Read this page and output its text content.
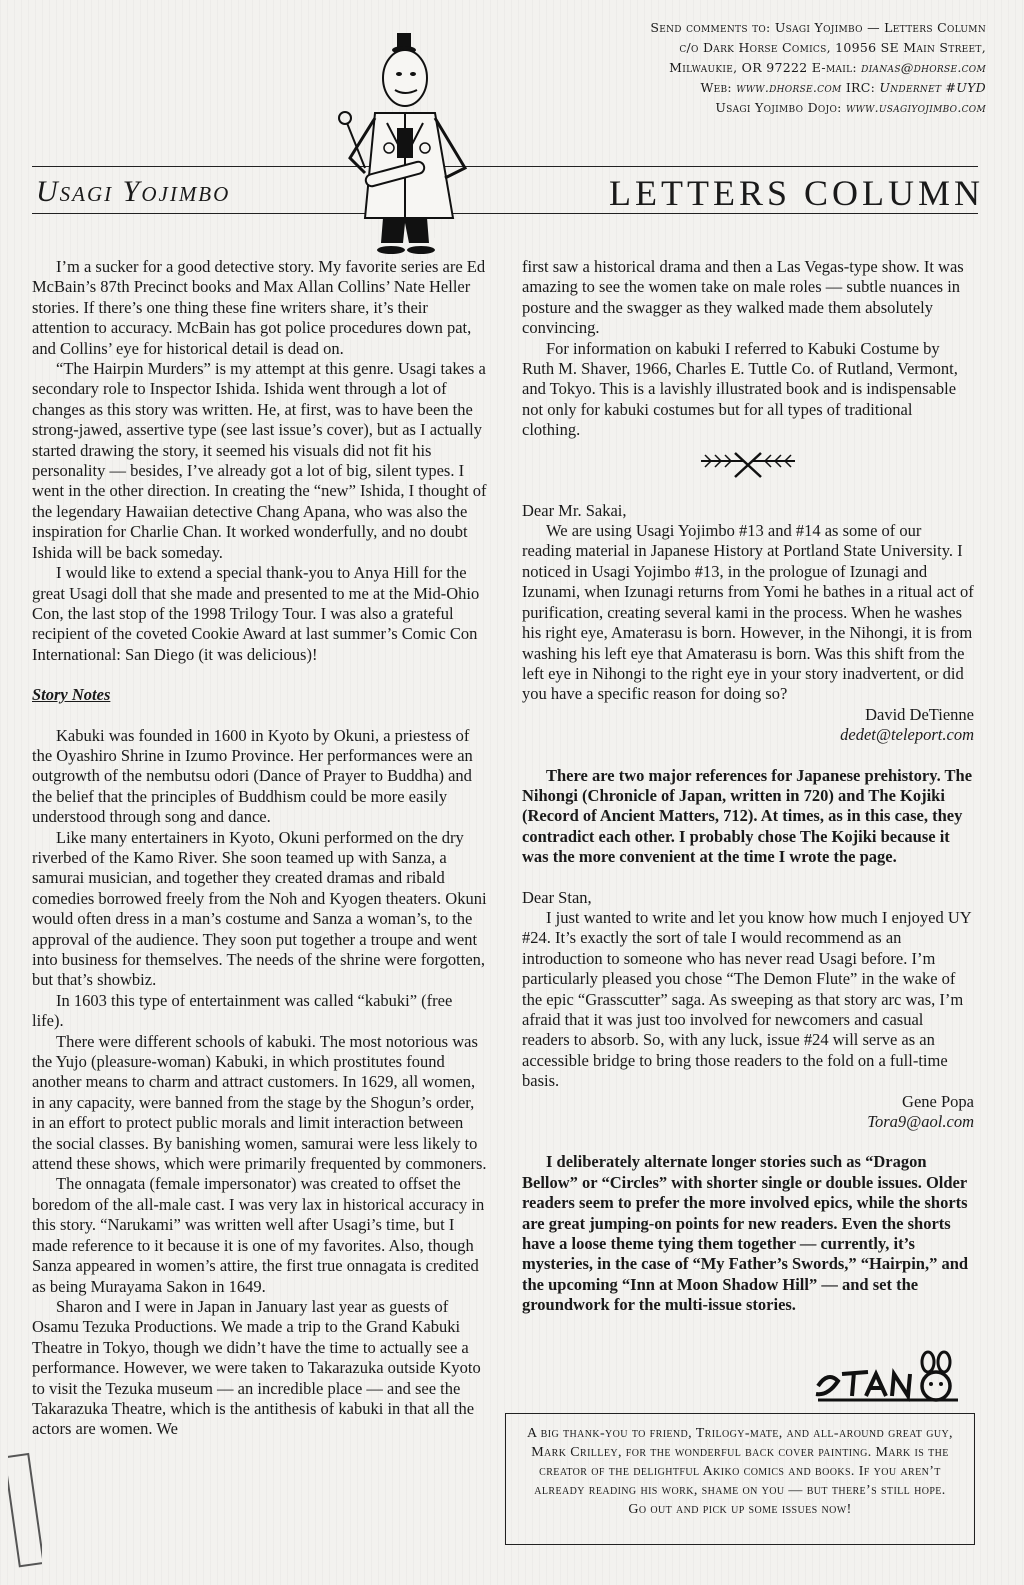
Send comments to: Usagi Yojimbo — Letters Column
c/o Dark Horse Comics, 10956 SE Main Street,
Milwaukie, OR 97222 E-mail: dianas@dhorse.com
Web: www.dhorse.com IRC: Undernet #UYD
Usagi Yojimbo Dojo: www.usagiyojimbo.com
Usagi Yojimbo	LETTERS COLUMN

I’m a sucker for a good detective story. My favorite series are Ed McBain’s 87th Precinct books and Max Allan Collins’ Nate Heller stories. If there’s one thing these fine writers share, it’s their attention to accuracy. McBain has got police procedures down pat, and Collins’ eye for historical detail is dead on.

“The Hairpin Murders” is my attempt at this genre. Usagi takes a secondary role to Inspector Ishida. Ishida went through a lot of changes as this story was written. He, at first, was to have been the strong-jawed, assertive type (see last issue’s cover), but as I actually started drawing the story, it seemed his visuals did not fit his personality — besides, I’ve already got a lot of big, silent types. I went in the other direction. In creating the “new” Ishida, I thought of the legendary Hawaiian detective Chang Apana, who was also the inspiration for Charlie Chan. It worked wonderfully, and no doubt Ishida will be back someday.

I would like to extend a special thank-you to Anya Hill for the great Usagi doll that she made and presented to me at the Mid-Ohio Con, the last stop of the 1998 Trilogy Tour. I was also a grateful recipient of the coveted Cookie Award at last summer’s Comic Con International: San Diego (it was delicious)!

Story Notes

Kabuki was founded in 1600 in Kyoto by Okuni, a priestess of the Oyashiro Shrine in Izumo Province. Her performances were an outgrowth of the nembutsu odori (Dance of Prayer to Buddha) and the belief that the principles of Buddhism could be more easily understood through song and dance.

Like many entertainers in Kyoto, Okuni performed on the dry riverbed of the Kamo River. She soon teamed up with Sanza, a samurai musician, and together they created dramas and ribald comedies borrowed freely from the Noh and Kyogen theaters. Okuni would often dress in a man’s costume and Sanza a woman’s, to the approval of the audience. They soon put together a troupe and went into business for themselves. The needs of the shrine were forgotten, but that’s showbiz.

In 1603 this type of entertainment was called “kabuki” (free life).

There were different schools of kabuki. The most notorious was the Yujo (pleasure-woman) Kabuki, in which prostitutes found another means to charm and attract customers. In 1629, all women, in any capacity, were banned from the stage by the Shogun’s order, in an effort to protect public morals and limit interaction between the social classes. By banishing women, samurai were less likely to attend these shows, which were primarily frequented by commoners.

The onnagata (female impersonator) was created to offset the boredom of the all-male cast. I was very lax in historical accuracy in this story. “Narukami” was written well after Usagi’s time, but I made reference to it because it is one of my favorites. Also, though Sanza appeared in women’s attire, the first true onnagata is credited as being Murayama Sakon in 1649.

Sharon and I were in Japan in January last year as guests of Osamu Tezuka Productions. We made a trip to the Grand Kabuki Theatre in Tokyo, though we didn’t have the time to actually see a performance. However, we were taken to Takarazuka outside Kyoto to visit the Tezuka museum — an incredible place — and see the Takarazuka Theatre, which is the antithesis of kabuki in that all the actors are women. We

first saw a historical drama and then a Las Vegas-type show. It was amazing to see the women take on male roles — subtle nuances in posture and the swagger as they walked made them absolutely convincing.

For information on kabuki I referred to Kabuki Costume by Ruth M. Shaver, 1966, Charles E. Tuttle Co. of Rutland, Vermont, and Tokyo. This is a lavishly illustrated book and is indispensable not only for kabuki costumes but for all types of traditional clothing.

Dear Mr. Sakai,

We are using Usagi Yojimbo #13 and #14 as some of our reading material in Japanese History at Portland State University. I noticed in Usagi Yojimbo #13, in the prologue of Izunagi and Izunami, when Izunagi returns from Yomi he bathes in a ritual act of purification, creating several kami in the process. When he washes his right eye, Amaterasu is born. However, in the Nihongi, it is from washing his left eye that Amaterasu is born. Was this shift from the left eye in Nihongi to the right eye in your story inadvertent, or did you have a specific reason for doing so?

David DeTienne

dedet@teleport.com

There are two major references for Japanese prehistory. The Nihongi (Chronicle of Japan, written in 720) and The Kojiki (Record of Ancient Matters, 712). At times, as in this case, they contradict each other. I probably chose The Kojiki because it was the more convenient at the time I wrote the page.

Dear Stan,

I just wanted to write and let you know how much I enjoyed UY #24. It’s exactly the sort of tale I would recommend as an introduction to someone who has never read Usagi before. I’m particularly pleased you chose “The Demon Flute” in the wake of the epic “Grasscutter” saga. As sweeping as that story arc was, I’m afraid that it was just too involved for newcomers and casual readers to absorb. So, with any luck, issue #24 will serve as an accessible bridge to bring those readers to the fold on a full-time basis.

Gene Popa

Tora9@aol.com

I deliberately alternate longer stories such as “Dragon Bellow” or “Circles” with shorter single or double issues. Older readers seem to prefer the more involved epics, while the shorts are great jumping-on points for new readers. Even the shorts have a loose theme tying them together — currently, it’s mysteries, in the case of “My Father’s Swords,” “Hairpin,” and the upcoming “Inn at Moon Shadow Hill” — and set the groundwork for the multi-issue stories.

A big thank-you to friend, Trilogy-mate, and all-around great guy, Mark Crilley, for the wonderful back cover painting. Mark is the creator of the delightful Akiko comics and books. If you aren’t already reading his work, shame on you — but there’s still hope. Go out and pick up some issues now!
